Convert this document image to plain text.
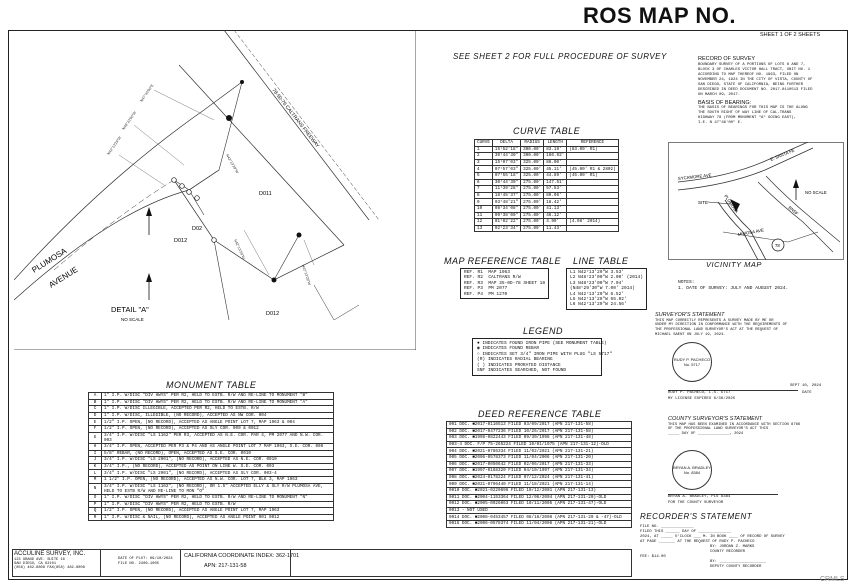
ROS MAP NO.
SHEET 1 OF 2 SHEETS
PLUMOSA
AVENUE
78-50-76 CALTRANS FREEWAY
D011
D02
D012
D012
DETAIL "A"
NO SCALE
N42°13'29"W
N48°23'00"W
N47°46'00"E
N42°13'29"W
N42°13'29"W
N42°13'29"W
SEE SHEET 2 FOR FULL PROCEDURE OF SURVEY	RECORD OF SURVEY
BOUNDARY SURVEY OF A PORTIONS OF LOTS 6 AND 7,
BLOCK 3 OF CHARLES VICTOR HALL TRACT, UNIT NO. 1
ACCORDING TO MAP THEREOF NO. 1963, FILED ON
NOVEMBER 24, 1924 IN THE CITY OF VISTA, COUNTY OF
SAN DIEGO, STATE OF CALIFORNIA, BEING FURTHER
DESCRIBED IN DEED DOCUMENT NO. 2017-0110513 FILED
ON MARCH 09, 2017.
BASIS OF BEARING:
THE BASIS OF BEARINGS FOR THIS MAP IS THE ALONG
THE SOUTH RIGHT OF WAY LINE OF CAL-TRANS
HIGHWAY 78 (FROM MONUMENT "A" GOING EAST),
I.E. N 47°46'00" E.
CURVE TABLE
CURVE	DELTA	RADIUS	LENGTH	REFERENCE
1	15°52'18"	300.00'	83.19'	(83.09' R1)
2	30°44'30"	300.00'	160.92'	
3	15°07'03"	325.00'	86.00'	
4	07°57'03"	325.00'	45.11'	(45.00' R1 & 2802)
5	07°55'18"	325.00'	44.89'	(45.00' R1)
6	30°44'30"	275.00'	147.51'	
7	11°39'28"	275.00'	57.53'	
8	18°45'37"	275.00'	89.96'	
9	03°48'21"	275.00'	18.42'	
10	08°34'08"	275.00'	41.13'	
11	09°38'00"	275.00'	46.12'	
12	01°02'22"	275.00'	4.99'	(4.98' 2014)
13	02°23'34"	275.00'	11.43'	
SYCAMORE AVE
E. SANTA FE
PLUMOSA
MIMOSA AVE
BNSF
78
SITE
NO SCALE
VICINITY MAP
NOTES:
1. DATE OF SURVEY: JULY AND AUGUST 2024.
MAP REFERENCE TABLE
REF. R1 MAP 1963
REF. R2 CALTRANS R/W
REF. R3 MAP 35-0D-78 SHEET 18
REF. P3 PM 2077
REF. P4 PM 1270
LINE TABLE
L1 N42°13'29"W 3.53'
L2 N48°23'00"W 2.00' (2014)
L3 N48°23'00"W 7.04'
(N48°29'30"W 7.00' 2014)
L4 N42°13'29"W 6.52'
L5 N42°13'29"W 65.02'
L6 N42°13'29"W 24.56'
LEGEND
● INDICATES FOUND IRON PIPE (SEE MONUMENT TABLE)
◉ INDICATES FOUND REBAR
○ INDICATES SET 3/4" IRON PIPE WITH PLUG "LS 5717"
(R) INDICATES RADIAL BEARING
( ) INDICATES PRORATED DISTANCE
SNF INDICATES SEARCHED, NOT FOUND
SURVEYOR'S STATEMENT
THIS MAP CORRECTLY REPRESENTS A SURVEY MADE BY ME OR
UNDER MY DIRECTION IN CONFORMANCE WITH THE REQUIREMENTS OF
THE PROFESSIONAL LAND SURVEYOR'S ACT AT THE REQUEST OF
MICHAEL SAENT ON JULY 19, 2024.
RUDY P. PACHECO No. 5717
SEPT 10, 2024
RUDY P. PACHECO, L.S. 5717	DATE
MY LICENSE EXPIRES 6/30/2025
COUNTY SURVEYOR'S STATEMENT
THIS MAP HAS BEEN EXAMINED IN ACCORDANCE WITH SECTION 8766
OF THE PROFESSIONAL LAND SURVEYOR'S ACT THIS
_____ DAY OF ______________, 2024
BRYAN A. BRADLEY No. 8384
BRYAN A. BRADLEY, PLS 8384
FOR THE COUNTY SURVEYOR
RECORDER'S STATEMENT
FILE NO. ______________
FILED THIS ______ DAY OF ______________
2024, AT _____ O'CLOCK ___ M. IN BOOK ____ OF RECORD OF SURVEY
AT PAGE _______ AT THE REQUEST OF RUDY P. PACHECO
BY: JORDAN Z. MARKS
COUNTY RECORDER
FEE: $14.00
BY: ____________________
DEPUTY COUNTY RECORDER
MONUMENT TABLE
A	1" I.P. W/DISC "DIV HWYS" PER R2, HELD TO ESTB. R/W AND RE-LINE TO MONUMENT "B"
B	1" I.P. W/DISC "DIV HWYS" PER R2, HELD TO ESTB. R/W AND RE-LINE TO MONUMENT "A"
C	1" I.P. W/DISC ILLEGIBLE, ACCEPTED PER R2, HELD TO ESTB. R/W
D	1" I.P. W/DISC, ILLEGIBLE, (NO RECORD), ACCEPTED AS NW COR. 004
E	1/2" I.P. OPEN, (NO RECORD), ACCEPTED AS ANGLE POINT LOT 7, MAP 1963 & 004
F	1/2" I.P. OPEN, (NO RECORD), ACCEPTED AS SLY COR. 009 & 0012
G	3/4" I.P. W/DISC "LS 1162" PER R3, ACCEPTED AS N.E. COR. PAR 4, PM 2077 AND N.W. COR. 003
H	3/4" I.P. OPEN, ACCEPTED PER P3 & P4 AND AS ANGLE POINT LOT 7 MAP 1963, S.E. COR. 008
I	5/8" REBAR, (NO RECORD), OPEN, ACCEPTED AS S.E. COR. 0010
J	3/4" I.P. W/DISC "LS 2901", (NO RECORD), ACCEPTED AS N.E. COR. 0010
K	3/4" I.P., (NO RECORD), ACCEPTED AS POINT ON LINE W. S.E. COR. 003
L	3/4" I.P. W/DISC "LS 2901", (NO RECORD), ACCEPTED AS SLY COR. 003-4
M	1 1/2" I.P. OPEN, (NO RECORD), ACCEPTED AS N.W. COR. LOT 7, BLK 3, MAP 1963
N	3/4" I.P. W/DISC "LS 1162", (NO RECORD), OR 1.5" ACCEPTED ELLY & SLY R/W PLUMOSA AVE, HELD TO ESTB R/W AND RE-LINE TO MON "O"
O	1" I.P. W/DISC "DIV HWYS" PER R2, HELD TO ESTB. R/W AND RE-LINE TO MONUMENT "N"
P	1" I.P. W/DISC "DIV HWYS" PER R2, HELD TO ESTB. R/W
Q	1/2" I.P. OPEN, (NO RECORD), ACCEPTED AS ANGLE POINT LOT 7, MAP 1963
R	1" I.P. W/DISC & NAIL, (NO RECORD), ACCEPTED AS ANGLE POINT 001 0012
DEED REFERENCE TABLE
001 DOC. ■2017-0110513 FILED 03/09/2017 (APN 217-131-58)
002 DOC. ■2017-0477236 FILED 10/26/2017 (APN 217-131-58)
003 DOC. ■1998-0822443 FILED 09/30/1998 (APN 217-131-48)
003-4 DOC. F/P 75-265224 FILED 10/01/1975 (APN 217-131-12)-OLD
004 DOC. ■2021-0786334 FILED 11/02/2021 (APN 217-131-21)
005 DOC. ■2006-0578373 FILED 11/04/2006 (APN 217-131-20)
006 DOC. ■2017-0050642 FILED 02/06/2017 (APN 217-131-33)
007 DOC. ■1997-0168320 FILED 04/10/1997 (APN 217-131-34)
008 DOC. ■2024-0178224 FILED 07/12/2024 (APN 217-131-41)
009 DOC. ■2021-0796440 FILED 11/18/2021 (APN 217-131-14)
0010 DOC. ■2021-0220696 FILED 10/12/2001 (APN 217-131-13)
0011 DOC. ■2004-1153364 FILED 12/06/2004 (APN 217-131-20)-OLD
0012 DOC. ■2005-0926063 FILED 10/11/2005 (APN 217-131-47)-OLD
0013 - NOT USED
0014 DOC. ■2008-0453457 FILED 08/18/2008 (APN 217-131-20 & -47)-OLD
0015 DOC. ■2006-0578374 FILED 11/04/2006 (APN 217-131-21)-OLD
ACCULINE SURVEY, INC.
123 GRAND AVE. SUITE 16
SAN DIEGO, CA 92101
(858) 482-8808 FAX(858) 482-8008
DATE OF PLOT: 09/10/2024
FILE NO. 2406-1005
CALIFORNIA COORDINATE INDEX: 362-1701
APN: 217-131-58
CRMLS
